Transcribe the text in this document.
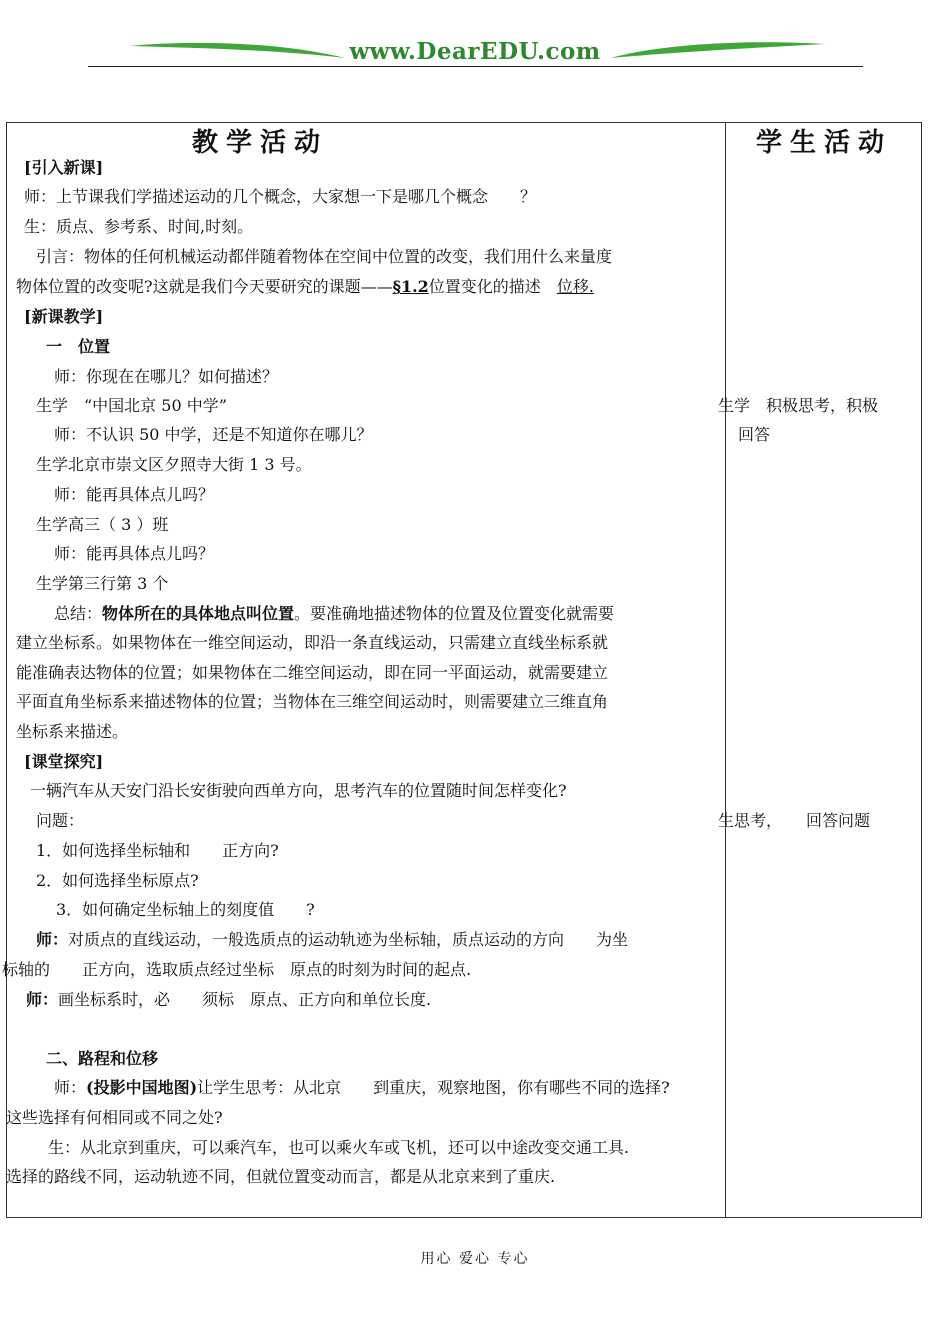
www.DearEDU.com
教学活动	学生活动
[引入新课]
师：上节课我们学描述运动的几个概念，大家想一下是哪几个概念　　？
生：质点、参考系、时间,时刻。
引言：物体的任何机械运动都伴随着物体在空间中位置的改变，我们用什么来量度
物体位置的改变呢?这就是我们今天要研究的课题——§1.2位置变化的描述　位移.
[新课教学]
一　位置
师：你现在在哪儿？如何描述？
生学　“中国北京 50 中学”
师：不认识 50 中学，还是不知道你在哪儿？
生学北京市崇文区夕照寺大街 1 3 号。
师：能再具体点儿吗？
生学高三（ 3 ）班
师：能再具体点儿吗？
生学第三行第 3 个
总结：物体所在的具体地点叫位置。要准确地描述物体的位置及位置变化就需要
建立坐标系。如果物体在一维空间运动，即沿一条直线运动，只需建立直线坐标系就
能准确表达物体的位置；如果物体在二维空间运动，即在同一平面运动，就需要建立
平面直角坐标系来描述物体的位置；当物体在三维空间运动时，则需要建立三维直角
坐标系来描述。
[课堂探究]
一辆汽车从天安门沿长安街驶向西单方向，思考汽车的位置随时间怎样变化?
问题：
1．如何选择坐标轴和　　正方向?
2．如何选择坐标原点?
3．如何确定坐标轴上的刻度值　　?
师：对质点的直线运动，一般选质点的运动轨迹为坐标轴，质点运动的方向　　为坐
标轴的　　正方向，选取质点经过坐标　原点的时刻为时间的起点.
师：画坐标系时，必　　须标　原点、正方向和单位长度.
二、路程和位移
师：(投影中国地图)让学生思考：从北京　　到重庆，观察地图，你有哪些不同的选择?
这些选择有何相同或不同之处?
生：从北京到重庆，可以乘汽车，也可以乘火车或飞机，还可以中途改变交通工具.
选择的路线不同，运动轨迹不同，但就位置变动而言，都是从北京来到了重庆.
生学　积极思考，积极
回答
生思考，　　回答问题
用心 爱心 专心
